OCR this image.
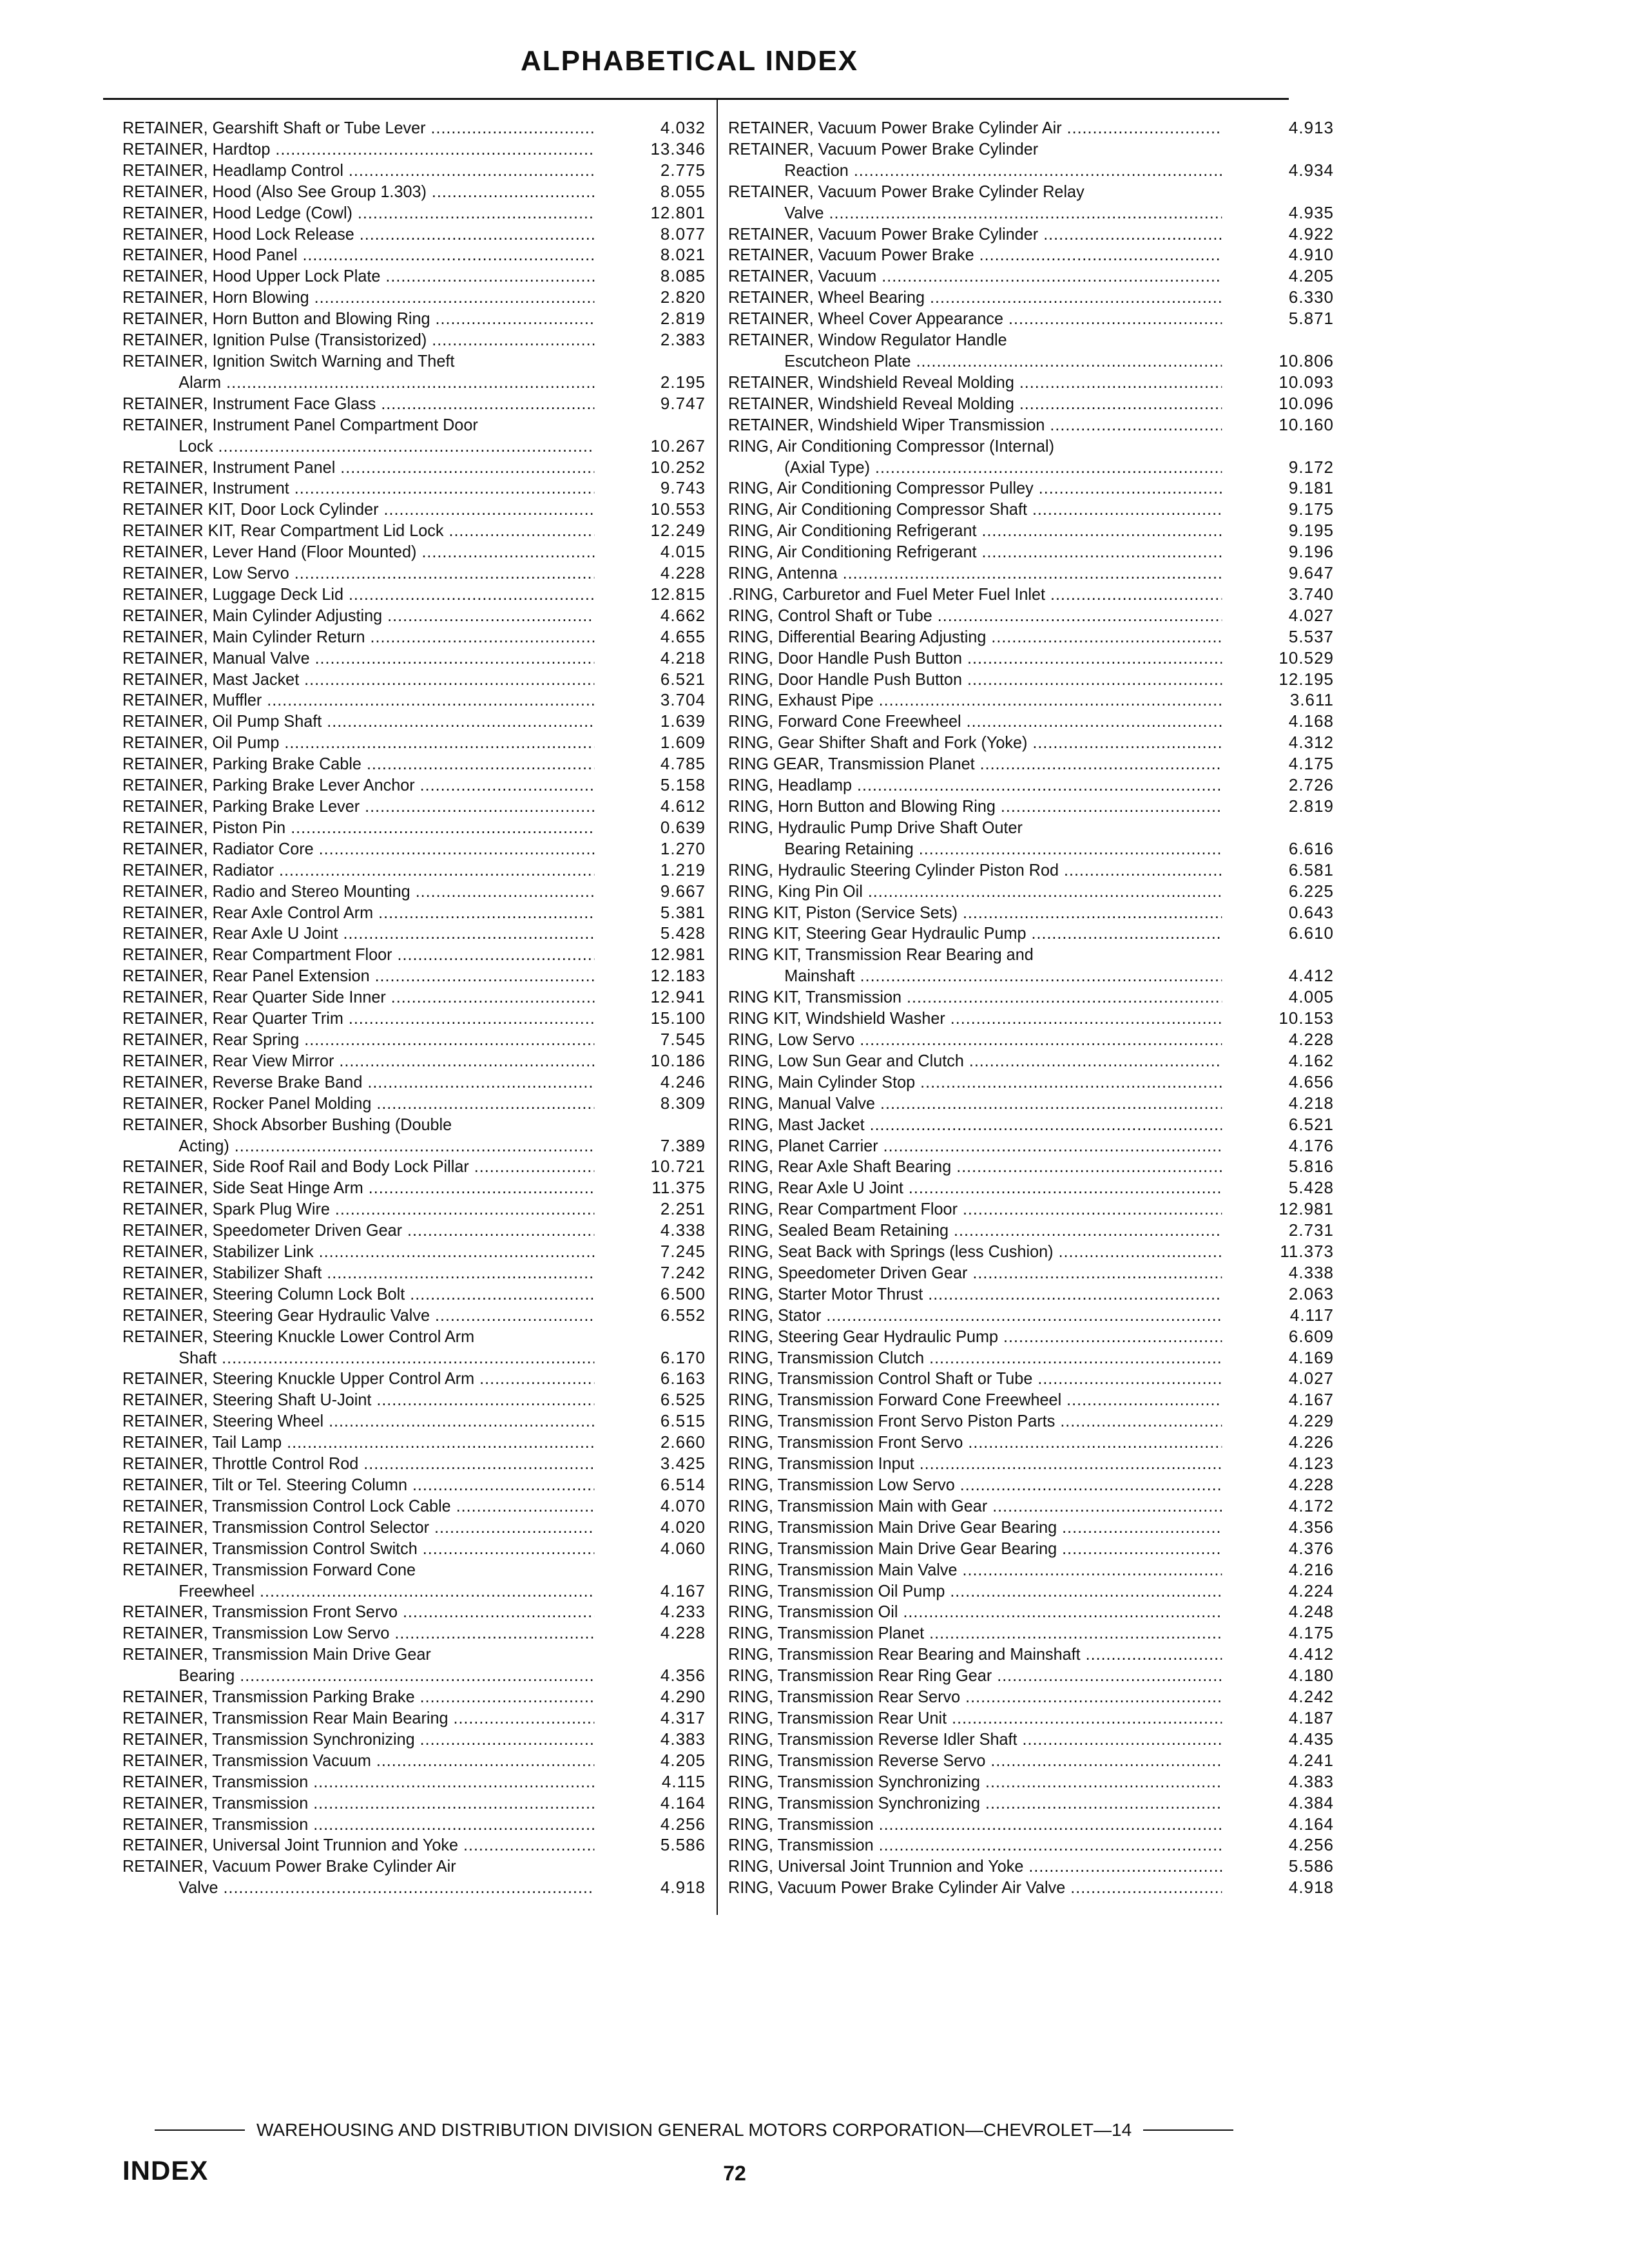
ALPHABETICAL INDEX
RETAINER, Gearshift Shaft or Tube Lever .....	4.032
RETAINER, Hardtop .....	13.346
RETAINER, Headlamp Control .....	2.775
RETAINER, Hood (Also See Group 1.303) .....	8.055
RETAINER, Hood Ledge (Cowl) .....	12.801
RETAINER, Hood Lock Release .....	8.077
RETAINER, Hood Panel .....	8.021
RETAINER, Hood Upper Lock Plate .....	8.085
RETAINER, Horn Blowing .....	2.820
RETAINER, Horn Button and Blowing Ring .....	2.819
RETAINER, Ignition Pulse (Transistorized) .....	2.383
RETAINER, Ignition Switch Warning and Theft
Alarm .....	2.195
RETAINER, Instrument Face Glass .....	9.747
RETAINER, Instrument Panel Compartment Door
Lock .....	10.267
RETAINER, Instrument Panel .....	10.252
RETAINER, Instrument .....	9.743
RETAINER KIT, Door Lock Cylinder .....	10.553
RETAINER KIT, Rear Compartment Lid Lock .....	12.249
RETAINER, Lever Hand (Floor Mounted) .....	4.015
RETAINER, Low Servo .....	4.228
RETAINER, Luggage Deck Lid .....	12.815
RETAINER, Main Cylinder Adjusting .....	4.662
RETAINER, Main Cylinder Return .....	4.655
RETAINER, Manual Valve .....	4.218
RETAINER, Mast Jacket .....	6.521
RETAINER, Muffler .....	3.704
RETAINER, Oil Pump Shaft .....	1.639
RETAINER, Oil Pump .....	1.609
RETAINER, Parking Brake Cable .....	4.785
RETAINER, Parking Brake Lever Anchor .....	5.158
RETAINER, Parking Brake Lever .....	4.612
RETAINER, Piston Pin .....	0.639
RETAINER, Radiator Core .....	1.270
RETAINER, Radiator .....	1.219
RETAINER, Radio and Stereo Mounting .....	9.667
RETAINER, Rear Axle Control Arm .....	5.381
RETAINER, Rear Axle U Joint .....	5.428
RETAINER, Rear Compartment Floor .....	12.981
RETAINER, Rear Panel Extension .....	12.183
RETAINER, Rear Quarter Side Inner .....	12.941
RETAINER, Rear Quarter Trim .....	15.100
RETAINER, Rear Spring .....	7.545
RETAINER, Rear View Mirror .....	10.186
RETAINER, Reverse Brake Band .....	4.246
RETAINER, Rocker Panel Molding .....	8.309
RETAINER, Shock Absorber Bushing (Double
Acting) .....	7.389
RETAINER, Side Roof Rail and Body Lock Pillar .....	10.721
RETAINER, Side Seat Hinge Arm .....	11.375
RETAINER, Spark Plug Wire .....	2.251
RETAINER, Speedometer Driven Gear .....	4.338
RETAINER, Stabilizer Link .....	7.245
RETAINER, Stabilizer Shaft .....	7.242
RETAINER, Steering Column Lock Bolt .....	6.500
RETAINER, Steering Gear Hydraulic Valve .....	6.552
RETAINER, Steering Knuckle Lower Control Arm
Shaft .....	6.170
RETAINER, Steering Knuckle Upper Control Arm .....	6.163
RETAINER, Steering Shaft U-Joint .....	6.525
RETAINER, Steering Wheel .....	6.515
RETAINER, Tail Lamp .....	2.660
RETAINER, Throttle Control Rod .....	3.425
RETAINER, Tilt or Tel. Steering Column .....	6.514
RETAINER, Transmission Control Lock Cable .....	4.070
RETAINER, Transmission Control Selector .....	4.020
RETAINER, Transmission Control Switch .....	4.060
RETAINER, Transmission Forward Cone
Freewheel .....	4.167
RETAINER, Transmission Front Servo .....	4.233
RETAINER, Transmission Low Servo .....	4.228
RETAINER, Transmission Main Drive Gear
Bearing .....	4.356
RETAINER, Transmission Parking Brake .....	4.290
RETAINER, Transmission Rear Main Bearing .....	4.317
RETAINER, Transmission Synchronizing .....	4.383
RETAINER, Transmission Vacuum .....	4.205
RETAINER, Transmission .....	4.115
RETAINER, Transmission .....	4.164
RETAINER, Transmission .....	4.256
RETAINER, Universal Joint Trunnion and Yoke .....	5.586
RETAINER, Vacuum Power Brake Cylinder Air
Valve .....	4.918
RETAINER, Vacuum Power Brake Cylinder Air .....	4.913
RETAINER, Vacuum Power Brake Cylinder
Reaction .....	4.934
RETAINER, Vacuum Power Brake Cylinder Relay
Valve .....	4.935
RETAINER, Vacuum Power Brake Cylinder .....	4.922
RETAINER, Vacuum Power Brake .....	4.910
RETAINER, Vacuum .....	4.205
RETAINER, Wheel Bearing .....	6.330
RETAINER, Wheel Cover Appearance .....	5.871
RETAINER, Window Regulator Handle
Escutcheon Plate .....	10.806
RETAINER, Windshield Reveal Molding .....	10.093
RETAINER, Windshield Reveal Molding .....	10.096
RETAINER, Windshield Wiper Transmission .....	10.160
RING, Air Conditioning Compressor (Internal)
(Axial Type) .....	9.172
RING, Air Conditioning Compressor Pulley .....	9.181
RING, Air Conditioning Compressor Shaft .....	9.175
RING, Air Conditioning Refrigerant .....	9.195
RING, Air Conditioning Refrigerant .....	9.196
RING, Antenna .....	9.647
.RING, Carburetor and Fuel Meter Fuel Inlet .....	3.740
RING, Control Shaft or Tube .....	4.027
RING, Differential Bearing Adjusting .....	5.537
RING, Door Handle Push Button .....	10.529
RING, Door Handle Push Button .....	12.195
RING, Exhaust Pipe .....	3.611
RING, Forward Cone Freewheel .....	4.168
RING, Gear Shifter Shaft and Fork (Yoke) .....	4.312
RING GEAR, Transmission Planet .....	4.175
RING, Headlamp .....	2.726
RING, Horn Button and Blowing Ring .....	2.819
RING, Hydraulic Pump Drive Shaft Outer
Bearing Retaining .....	6.616
RING, Hydraulic Steering Cylinder Piston Rod .....	6.581
RING, King Pin Oil .....	6.225
RING KIT, Piston (Service Sets) .....	0.643
RING KIT, Steering Gear Hydraulic Pump .....	6.610
RING KIT, Transmission Rear Bearing and
Mainshaft .....	4.412
RING KIT, Transmission .....	4.005
RING KIT, Windshield Washer .....	10.153
RING, Low Servo .....	4.228
RING, Low Sun Gear and Clutch .....	4.162
RING, Main Cylinder Stop .....	4.656
RING, Manual Valve .....	4.218
RING, Mast Jacket .....	6.521
RING, Planet Carrier .....	4.176
RING, Rear Axle Shaft Bearing .....	5.816
RING, Rear Axle U Joint .....	5.428
RING, Rear Compartment Floor .....	12.981
RING, Sealed Beam Retaining .....	2.731
RING, Seat Back with Springs (less Cushion) .....	11.373
RING, Speedometer Driven Gear .....	4.338
RING, Starter Motor Thrust .....	2.063
RING, Stator .....	4.117
RING, Steering Gear Hydraulic Pump .....	6.609
RING, Transmission Clutch .....	4.169
RING, Transmission Control Shaft or Tube .....	4.027
RING, Transmission Forward Cone Freewheel .....	4.167
RING, Transmission Front Servo Piston Parts .....	4.229
RING, Transmission Front Servo .....	4.226
RING, Transmission Input .....	4.123
RING, Transmission Low Servo .....	4.228
RING, Transmission Main with Gear .....	4.172
RING, Transmission Main Drive Gear Bearing .....	4.356
RING, Transmission Main Drive Gear Bearing .....	4.376
RING, Transmission Main Valve .....	4.216
RING, Transmission Oil Pump .....	4.224
RING, Transmission Oil .....	4.248
RING, Transmission Planet .....	4.175
RING, Transmission Rear Bearing and Mainshaft .....	4.412
RING, Transmission Rear Ring Gear .....	4.180
RING, Transmission Rear Servo .....	4.242
RING, Transmission Rear Unit .....	4.187
RING, Transmission Reverse Idler Shaft .....	4.435
RING, Transmission Reverse Servo .....	4.241
RING, Transmission Synchronizing .....	4.383
RING, Transmission Synchronizing .....	4.384
RING, Transmission .....	4.164
RING, Transmission .....	4.256
RING, Universal Joint Trunnion and Yoke .....	5.586
RING, Vacuum Power Brake Cylinder Air Valve .....	4.918
WAREHOUSING AND DISTRIBUTION DIVISION GENERAL MOTORS CORPORATION—CHEVROLET—14
INDEX	72
